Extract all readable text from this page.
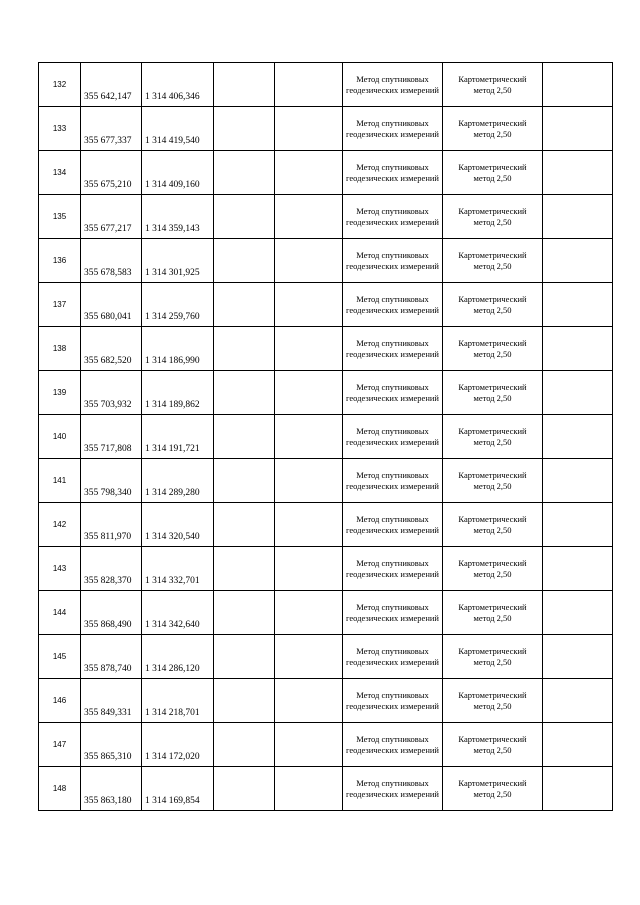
132	355 642,147	1 314 406,346			Метод спутниковых геодезических измерений	Картометрический
метод 2,50	

133	355 677,337	1 314 419,540			Метод спутниковых геодезических измерений	Картометрический
метод 2,50	

134	355 675,210	1 314 409,160			Метод спутниковых геодезических измерений	Картометрический
метод 2,50	

135	355 677,217	1 314 359,143			Метод спутниковых геодезических измерений	Картометрический
метод 2,50	

136	355 678,583	1 314 301,925			Метод спутниковых геодезических измерений	Картометрический
метод 2,50	

137	355 680,041	1 314 259,760			Метод спутниковых геодезических измерений	Картометрический
метод 2,50	

138	355 682,520	1 314 186,990			Метод спутниковых геодезических измерений	Картометрический
метод 2,50	

139	355 703,932	1 314 189,862			Метод спутниковых геодезических измерений	Картометрический
метод 2,50	

140	355 717,808	1 314 191,721			Метод спутниковых геодезических измерений	Картометрический
метод 2,50	

141	355 798,340	1 314 289,280			Метод спутниковых геодезических измерений	Картометрический
метод 2,50	

142	355 811,970	1 314 320,540			Метод спутниковых геодезических измерений	Картометрический
метод 2,50	

143	355 828,370	1 314 332,701			Метод спутниковых геодезических измерений	Картометрический
метод 2,50	

144	355 868,490	1 314 342,640			Метод спутниковых геодезических измерений	Картометрический
метод 2,50	

145	355 878,740	1 314 286,120			Метод спутниковых геодезических измерений	Картометрический
метод 2,50	

146	355 849,331	1 314 218,701			Метод спутниковых геодезических измерений	Картометрический
метод 2,50	

147	355 865,310	1 314 172,020			Метод спутниковых геодезических измерений	Картометрический
метод 2,50	

148	355 863,180	1 314 169,854			Метод спутниковых геодезических измерений	Картометрический
метод 2,50	
